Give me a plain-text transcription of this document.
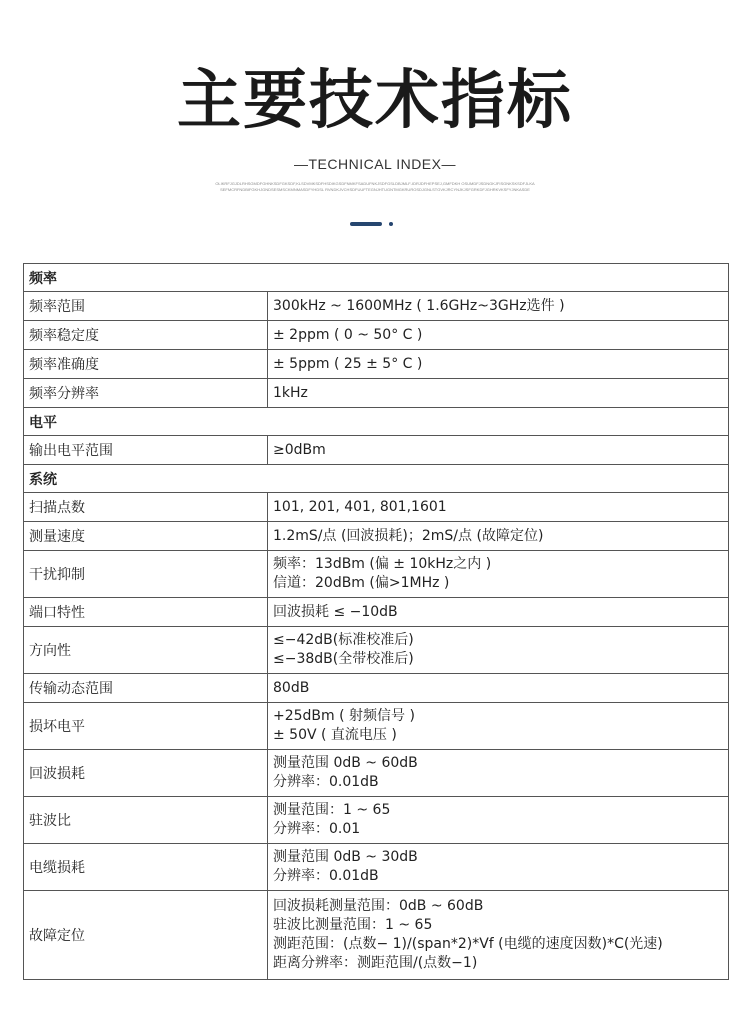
主要技术指标
—TECHNICAL INDEX—
OLIKRFJGJDLRHSGMDFGHNKSDFGKSDF,KLSDVMKSDFHSDIKGSDFNMKFSADUFNKJSDFGSLDBJMLF-IDRJDFHEPSEJ,GMFDKH OSUMDFJSDNGKJFISGNKSKSDFJLKASEFMCRFNDBIFGKHJGNDSESMSCKMNMASDFYHDSL RVNDKJVCHSDFUUFTEGNJHTUGNTMGKRUROSDJGNLSTGVKJRCYNJKJSFGRKDFJGHRKVKSFYJNKASDE
频率	
频率范围	300kHz ~ 1600MHz ( 1.6GHz~3GHz选件 )

频率稳定度	± 2ppm ( 0 ~ 50° C )

频率准确度	± 5ppm ( 25 ± 5° C )

频率分辨率	1kHz

电平	
输出电平范围	≥0dBm

系统	
扫描点数	101, 201, 401, 801,1601

测量速度	1.2mS/点 (回波损耗)；2mS/点 (故障定位)

干扰抑制	频率：13dBm (偏 ± 10kHz之内 )
信道：20dBm (偏>1MHz )

端口特性	回波损耗 ≤ −10dB

方向性	≤−42dB(标准校准后)
≤−38dB(全带校准后)

传输动态范围	80dB

损坏电平	+25dBm ( 射频信号 )
± 50V ( 直流电压 )

回波损耗	测量范围 0dB ~ 60dB
分辨率：0.01dB

驻波比	测量范围：1 ~ 65
分辨率：0.01

电缆损耗	测量范围 0dB ~ 30dB
分辨率：0.01dB

故障定位	回波损耗测量范围：0dB ~ 60dB
驻波比测量范围：1 ~ 65
测距范围：(点数− 1)/(span*2)*Vf (电缆的速度因数)*C(光速)
距离分辨率：测距范围/(点数−1)
